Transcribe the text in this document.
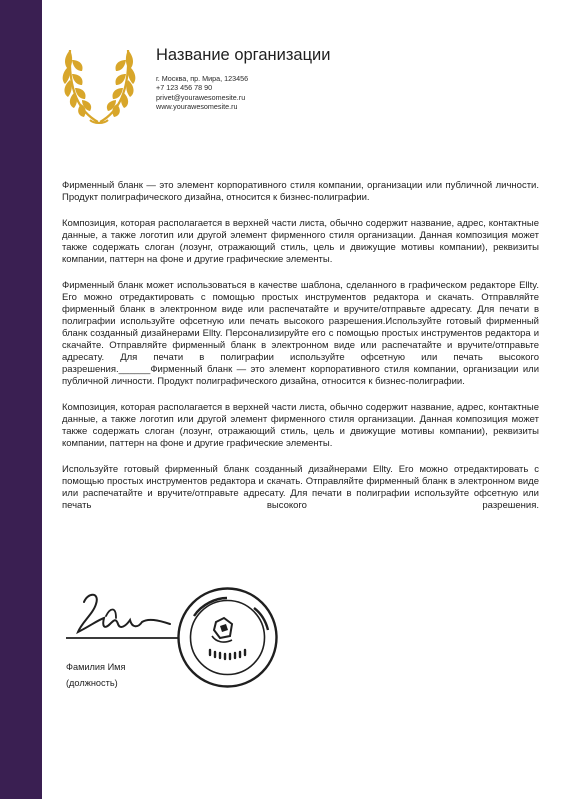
Название организации
г. Москва, пр. Мира, 123456
+7 123 456 78 90
privet@yourawesomesite.ru
www.yourawesomesite.ru

Фирменный бланк — это элемент корпоративного стиля компании, организации или публичной личности. Продукт полиграфического дизайна, относится к бизнес-полиграфии.

Композиция, которая располагается в верхней части листа, обычно содержит название, адрес, контактные данные, а также логотип или другой элемент фирменного стиля организации. Данная композиция может также содержать слоган (лозунг, отражающий стиль, цель и движущие мотивы компании), реквизиты компании, паттерн на фоне и другие графические элементы.

Фирменный бланк может использоваться в качестве шаблона, сделанного в графическом редакторе Ellty. Его можно отредактировать с помощью простых инструментов редактора и скачать. Отправляйте фирменный бланк в электронном виде или распечатайте и вручите/отправьте адресату. Для печати в полиграфии используйте офсетную или печать высокого разрешения.Используйте готовый фирменный бланк созданный дизайнерами Ellty. Персонализируйте его с помощью простых инструментов редактора и скачайте. Отправляйте фирменный бланк в электронном виде или распечатайте и вручите/отправьте адресату. Для печати в полиграфии используйте офсетную или печать высокого разрешения.______Фирменный бланк — это элемент корпоративного стиля компании, организации или публичной личности. Продукт полиграфического дизайна, относится к бизнес-полиграфии.

Композиция, которая располагается в верхней части листа, обычно содержит название, адрес, контактные данные, а также логотип или другой элемент фирменного стиля организации. Данная композиция может также содержать слоган (лозунг, отражающий стиль, цель и движущие мотивы компании), реквизиты компании, паттерн на фоне и другие графические элементы.

Используйте готовый фирменный бланк созданный дизайнерами Ellty. Его можно отредактировать с помощью простых инструментов редактора и скачать. Отправляйте фирменный бланк в электронном виде или распечатайте и вручите/отправьте адресату. Для печати в полиграфии используйте офсетную или печать высокого разрешения.

Фамилия Имя
(должность)
